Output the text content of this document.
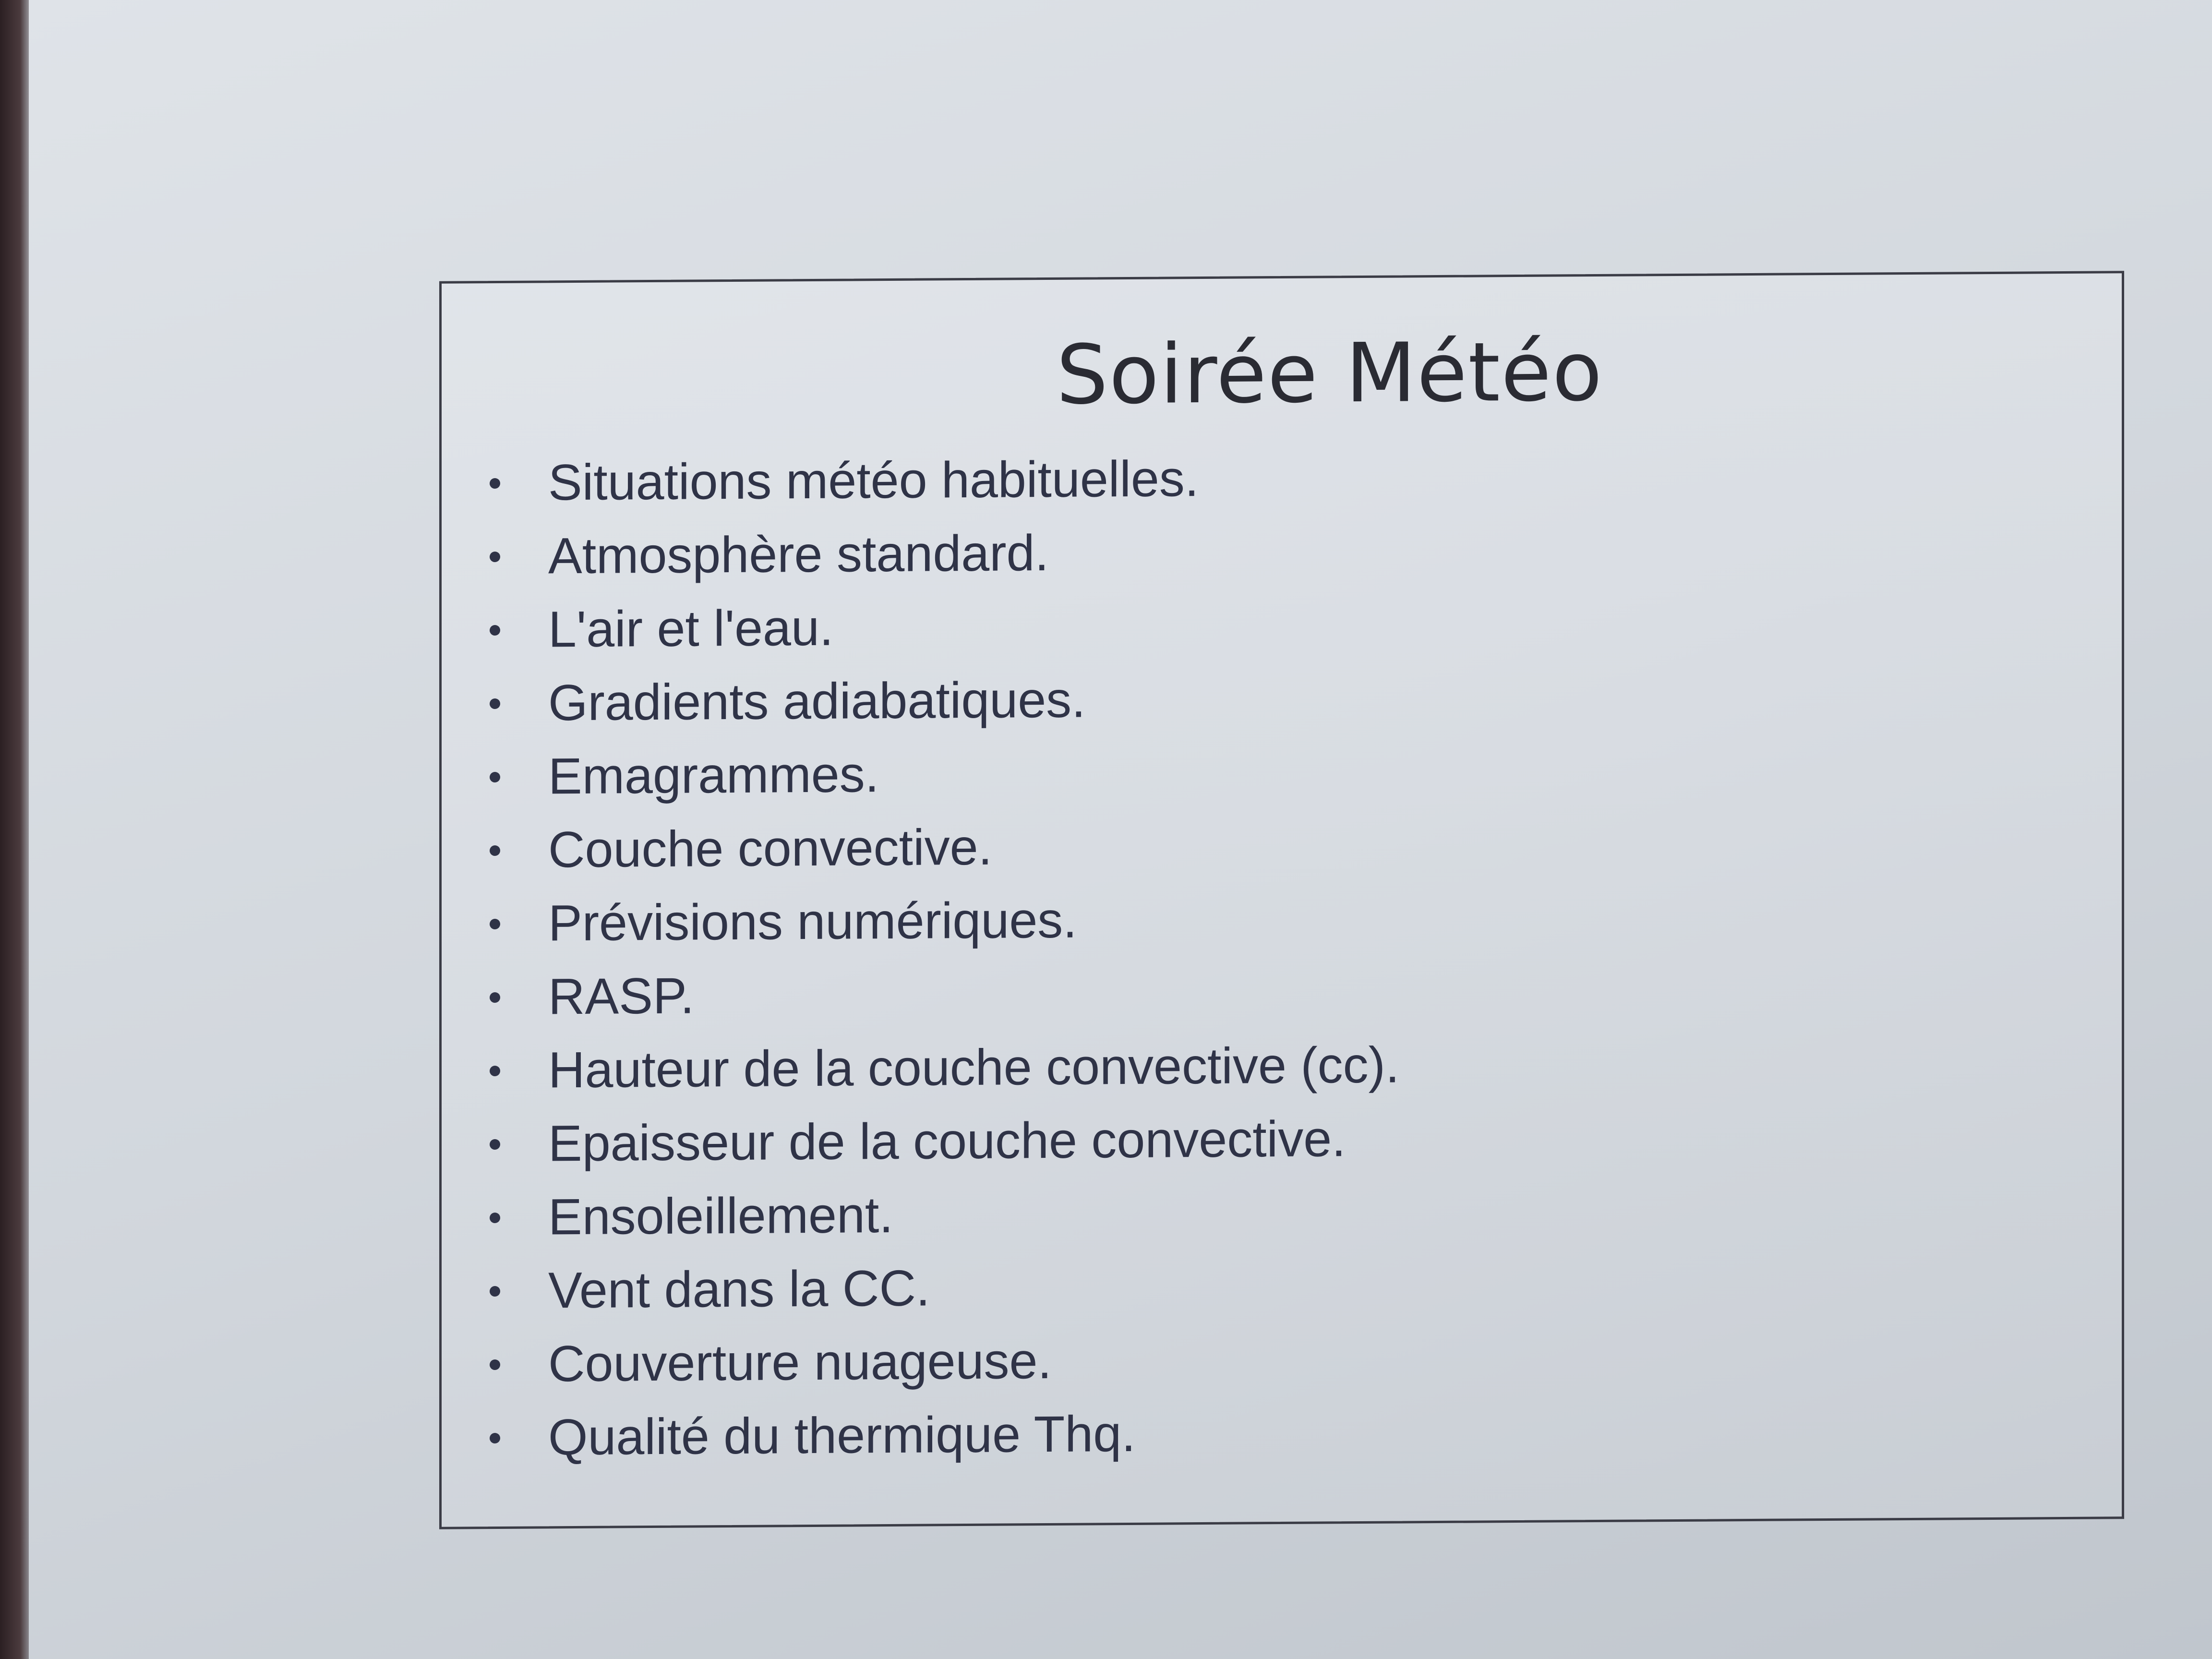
Soirée Météo
Situations météo habituelles.
Atmosphère standard.
L'air et l'eau.
Gradients adiabatiques.
Emagrammes.
Couche convective.
Prévisions numériques.
RASP.
Hauteur de la couche convective (cc).
Epaisseur de la couche convective.
Ensoleillement.
Vent dans la CC.
Couverture nuageuse.
Qualité du thermique Thq.
